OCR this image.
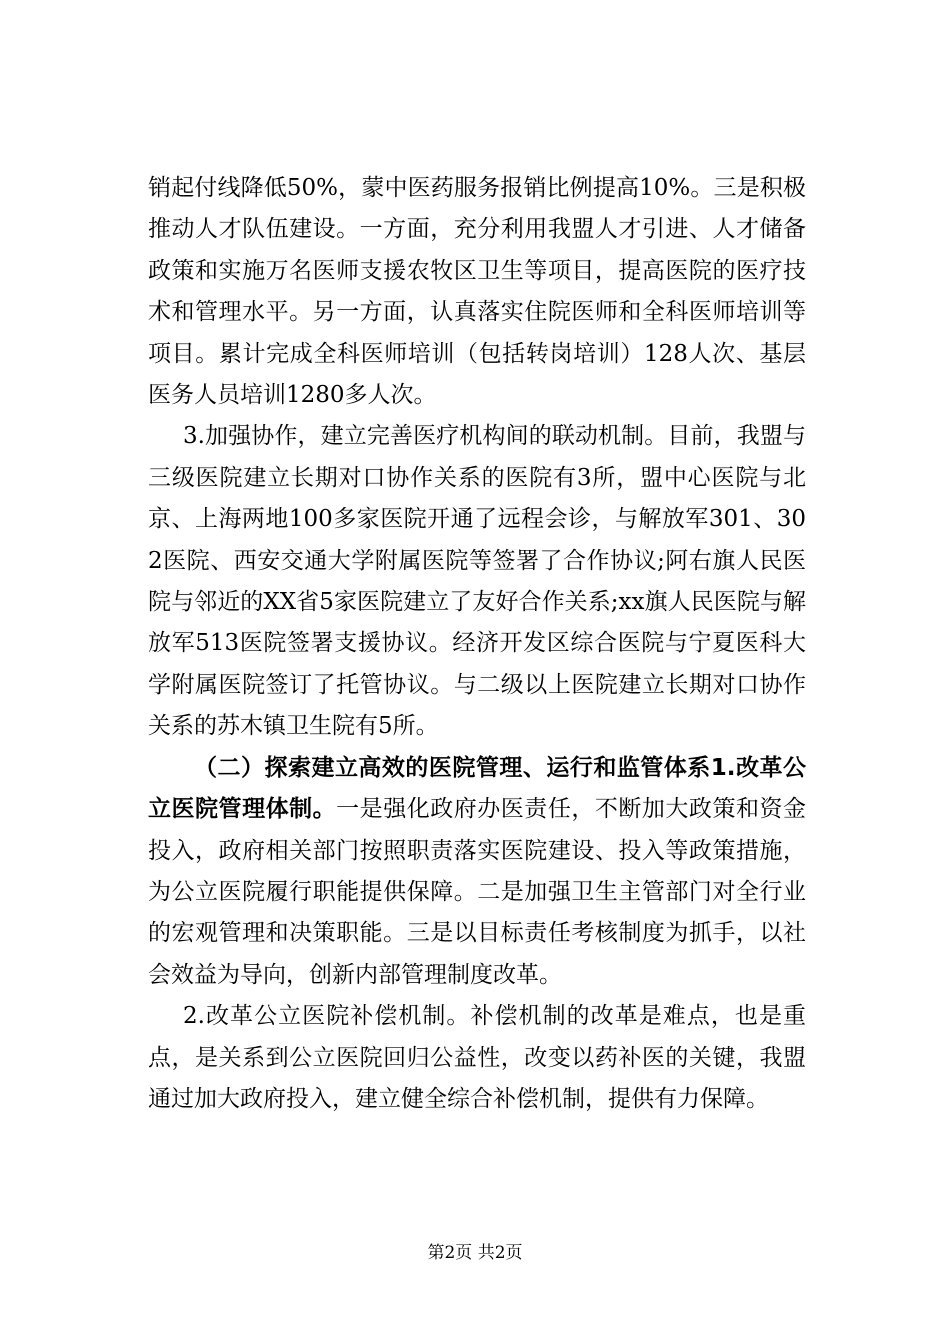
销起付线降低50%，蒙中医药服务报销比例提高10%。三是积极推动人才队伍建设。一方面，充分利用我盟人才引进、人才储备政策和实施万名医师支援农牧区卫生等项目，提高医院的医疗技术和管理水平。另一方面，认真落实住院医师和全科医师培训等项目。累计完成全科医师培训（包括转岗培训）128人次、基层医务人员培训1280多人次。

3.加强协作，建立完善医疗机构间的联动机制。目前，我盟与三级医院建立长期对口协作关系的医院有3所，盟中心医院与北京、上海两地100多家医院开通了远程会诊，与解放军301、302医院、西安交通大学附属医院等签署了合作协议;阿右旗人民医院与邻近的XX省5家医院建立了友好合作关系;xx旗人民医院与解放军513医院签署支援协议。经济开发区综合医院与宁夏医科大学附属医院签订了托管协议。与二级以上医院建立长期对口协作关系的苏木镇卫生院有5所。

（二）探索建立高效的医院管理、运行和监管体系1.改革公立医院管理体制。一是强化政府办医责任，不断加大政策和资金投入，政府相关部门按照职责落实医院建设、投入等政策措施，为公立医院履行职能提供保障。二是加强卫生主管部门对全行业的宏观管理和决策职能。三是以目标责任考核制度为抓手，以社会效益为导向，创新内部管理制度改革。

2.改革公立医院补偿机制。补偿机制的改革是难点，也是重点，是关系到公立医院回归公益性，改变以药补医的关键，我盟通过加大政府投入，建立健全综合补偿机制，提供有力保障。

第2页 共2页
